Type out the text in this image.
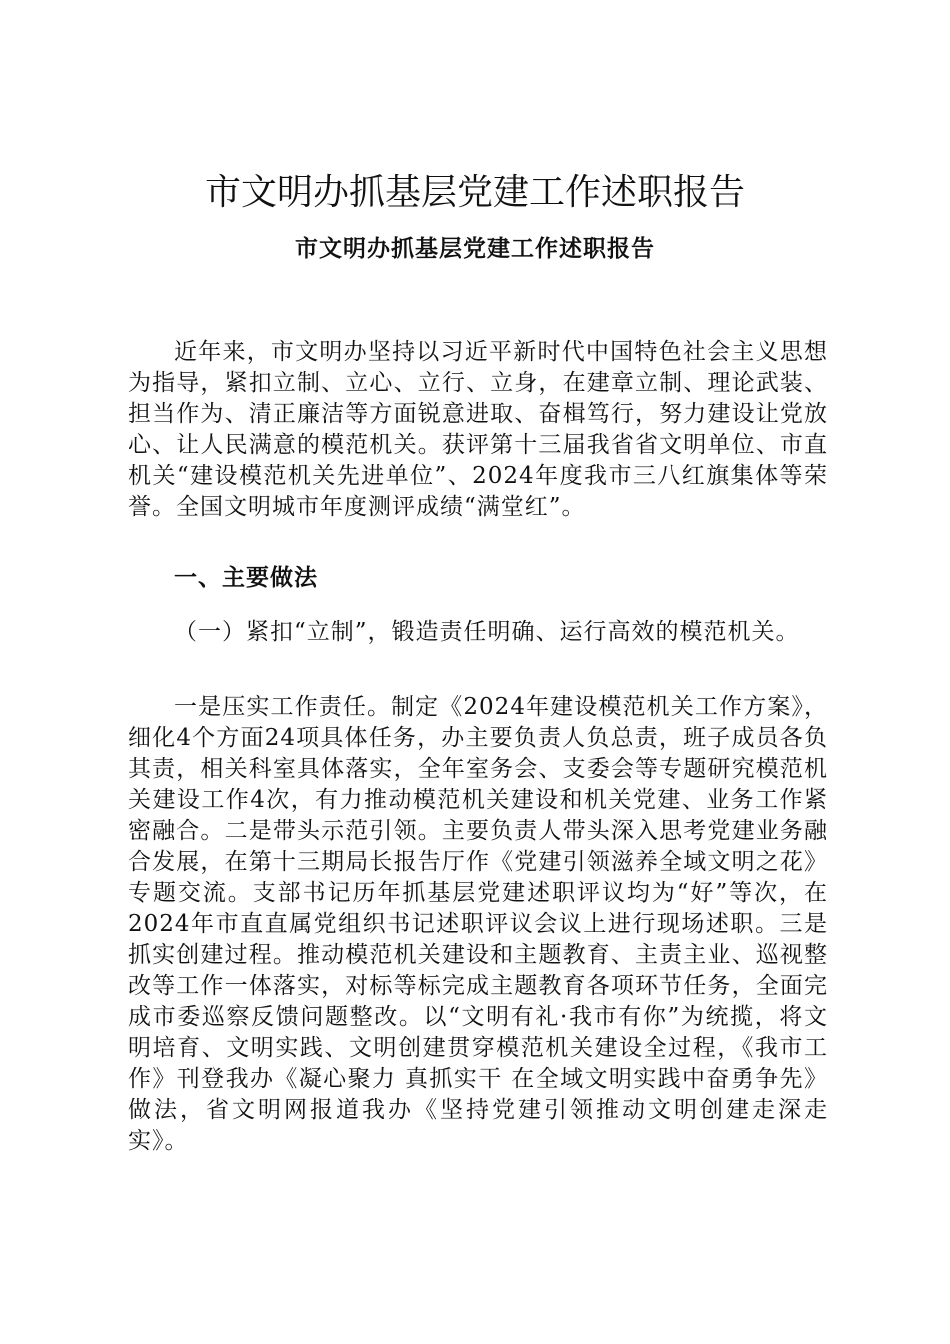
市文明办抓基层党建工作述职报告
市文明办抓基层党建工作述职报告

近年来，市文明办坚持以习近平新时代中国特色社会主义思想为指导，紧扣立制、立心、立行、立身，在建章立制、理论武装、担当作为、清正廉洁等方面锐意进取、奋楫笃行，努力建设让党放心、让人民满意的模范机关。获评第十三届我省省文明单位、市直机关“建设模范机关先进单位”、2024年度我市三八红旗集体等荣誉。全国文明城市年度测评成绩“满堂红”。

一、主要做法

（一）紧扣“立制”，锻造责任明确、运行高效的模范机关。

一是压实工作责任。制定《2024年建设模范机关工作方案》，细化4个方面24项具体任务，办主要负责人负总责，班子成员各负其责，相关科室具体落实，全年室务会、支委会等专题研究模范机关建设工作4次，有力推动模范机关建设和机关党建、业务工作紧密融合。二是带头示范引领。主要负责人带头深入思考党建业务融合发展，在第十三期局长报告厅作《党建引领滋养全域文明之花》专题交流。支部书记历年抓基层党建述职评议均为“好”等次，在2024年市直直属党组织书记述职评议会议上进行现场述职。三是抓实创建过程。推动模范机关建设和主题教育、主责主业、巡视整改等工作一体落实，对标等标完成主题教育各项环节任务，全面完成市委巡察反馈问题整改。以“文明有礼·我市有你”为统揽，将文明培育、文明实践、文明创建贯穿模范机关建设全过程，《我市工作》刊登我办《凝心聚力 真抓实干 在全域文明实践中奋勇争先》做法，省文明网报道我办《坚持党建引领推动文明创建走深走实》。
